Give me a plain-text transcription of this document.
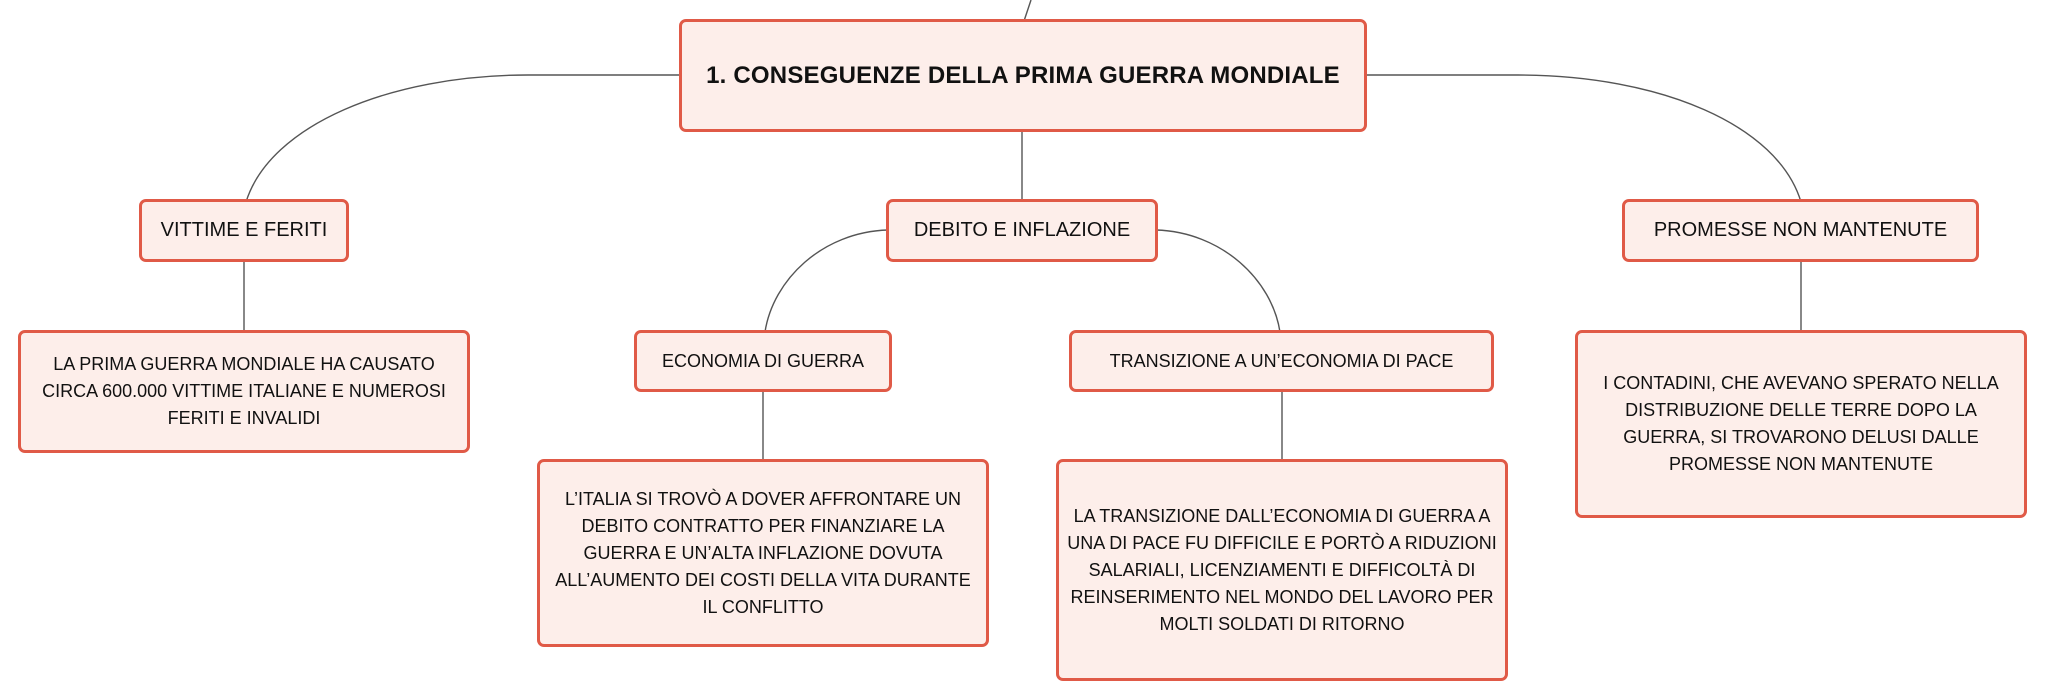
1. CONSEGUENZE DELLA PRIMA GUERRA MONDIALE
VITTIME E FERITI	DEBITO E INFLAZIONE	PROMESSE NON MANTENUTE
LA PRIMA GUERRA MONDIALE HA CAUSATO CIRCA 600.000 VITTIME ITALIANE E NUMEROSI FERITI E INVALIDI
ECONOMIA DI GUERRA	TRANSIZIONE A UN’ECONOMIA DI PACE
I CONTADINI, CHE AVEVANO SPERATO NELLA DISTRIBUZIONE DELLE TERRE DOPO LA GUERRA, SI TROVARONO DELUSI DALLE PROMESSE NON MANTENUTE
L’ITALIA SI TROVÒ A DOVER AFFRONTARE UN DEBITO CONTRATTO PER FINANZIARE LA GUERRA E UN’ALTA INFLAZIONE DOVUTA ALL’AUMENTO DEI COSTI DELLA VITA DURANTE IL CONFLITTO
LA TRANSIZIONE DALL’ECONOMIA DI GUERRA A UNA DI PACE FU DIFFICILE E PORTÒ A RIDUZIONI SALARIALI, LICENZIAMENTI E DIFFICOLTÀ DI REINSERIMENTO NEL MONDO DEL LAVORO PER MOLTI SOLDATI DI RITORNO
